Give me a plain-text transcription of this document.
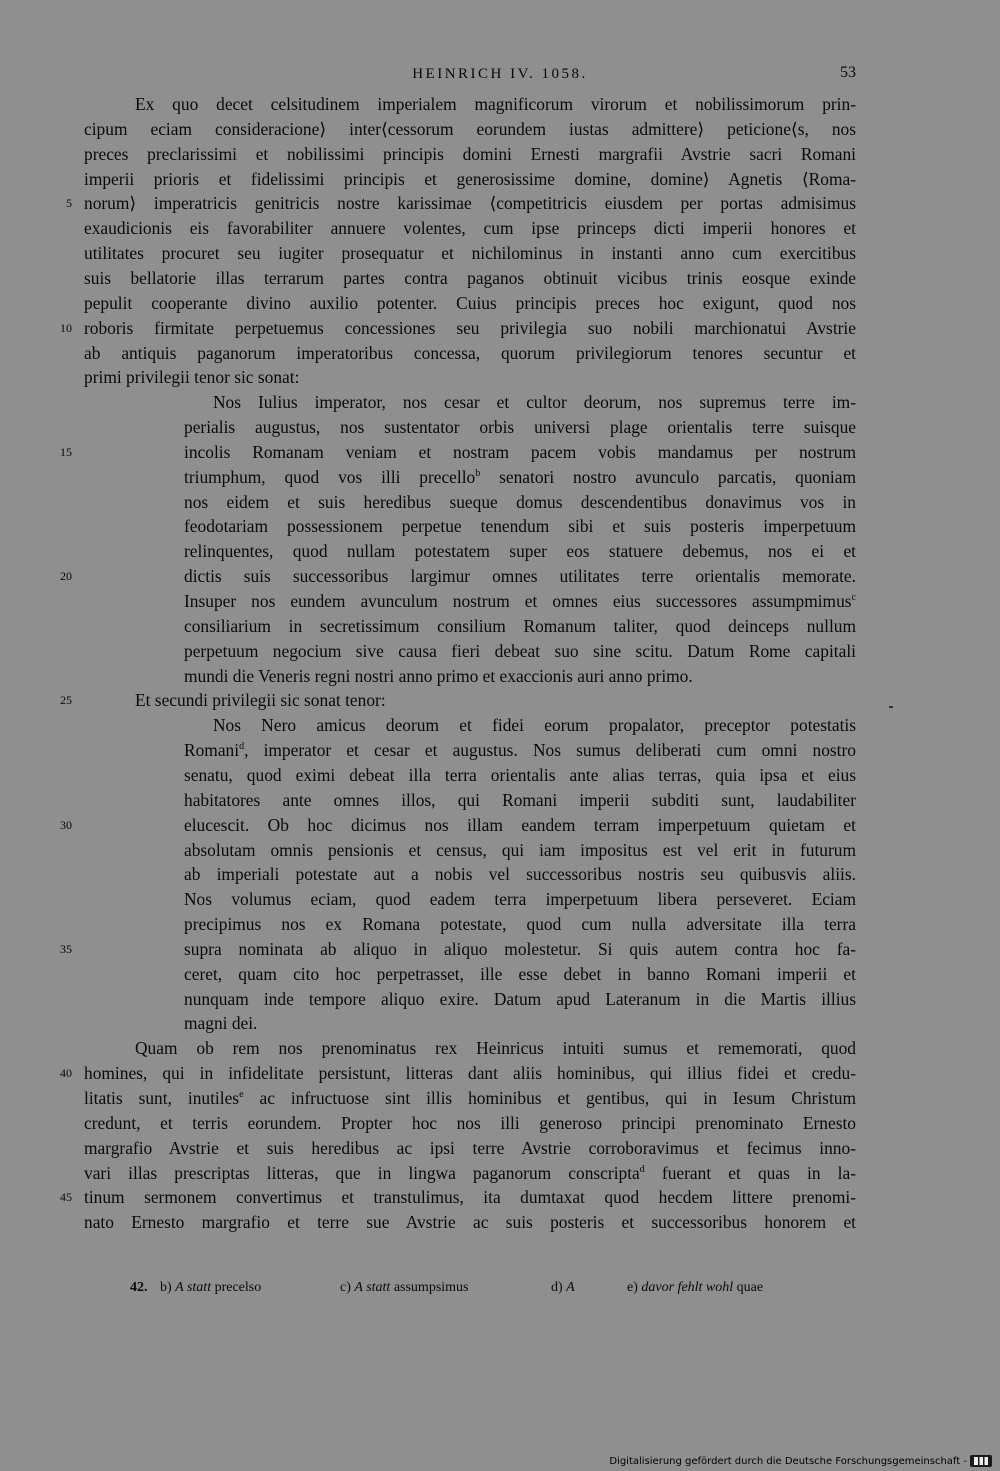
HEINRICH IV. 1058.	53
Ex quo decet celsitudinem imperialem magnificorum virorum et nobilissimorum prin-
cipum eciam consideracione⟩ inter⟨cessorum eorundem iustas admittere⟩ peticione⟨s, nos
preces preclarissimi et nobilissimi principis domini Ernesti margrafii Avstrie sacri Romani
imperii prioris et fidelissimi principis et generosissime domine, domine⟩ Agnetis ⟨Roma-
norum⟩ imperatricis genitricis nostre karissimae ⟨competitricis eiusdem per portas admisimus
exaudicionis eis favorabiliter annuere volentes, cum ipse princeps dicti imperii honores et
utilitates procuret seu iugiter prosequatur et nichilominus in instanti anno cum exercitibus
suis bellatorie illas terrarum partes contra paganos obtinuit vicibus trinis eosque exinde
pepulit cooperante divino auxilio potenter. Cuius principis preces hoc exigunt, quod nos
roboris firmitate perpetuemus concessiones seu privilegia suo nobili marchionatui Avstrie
ab antiquis paganorum imperatoribus concessa, quorum privilegiorum tenores secuntur et
primi privilegii tenor sic sonat:
Nos Iulius imperator, nos cesar et cultor deorum, nos supremus terre im-
perialis augustus, nos sustentator orbis universi plage orientalis terre suisque
incolis Romanam veniam et nostram pacem vobis mandamus per nostrum
triumphum, quod vos illi precello$^b$ senatori nostro avunculo parcatis, quoniam
nos eidem et suis heredibus sueque domus descendentibus donavimus vos in
feodotariam possessionem perpetue tenendum sibi et suis posteris imperpetuum
relinquentes, quod nullam potestatem super eos statuere debemus, nos ei et
dictis suis successoribus largimur omnes utilitates terre orientalis memorate.
Insuper nos eundem avunculum nostrum et omnes eius successores assumpmimus$^c$
consiliarium in secretissimum consilium Romanum taliter, quod deinceps nullum
perpetuum negocium sive causa fieri debeat suo sine scitu. Datum Rome capitali
mundi die Veneris regni nostri anno primo et exaccionis auri anno primo.
Et secundi privilegii sic sonat tenor:
Nos Nero amicus deorum et fidei eorum propalator, preceptor potestatis
Romani$^d$, imperator et cesar et augustus. Nos sumus deliberati cum omni nostro
senatu, quod eximi debeat illa terra orientalis ante alias terras, quia ipsa et eius
habitatores ante omnes illos, qui Romani imperii subditi sunt, laudabiliter
elucescit. Ob hoc dicimus nos illam eandem terram imperpetuum quietam et
absolutam omnis pensionis et census, qui iam impositus est vel erit in futurum
ab imperiali potestate aut a nobis vel successoribus nostris seu quibusvis aliis.
Nos volumus eciam, quod eadem terra imperpetuum libera perseveret. Eciam
precipimus nos ex Romana potestate, quod cum nulla adversitate illa terra
supra nominata ab aliquo in aliquo molestetur. Si quis autem contra hoc fa-
ceret, quam cito hoc perpetrasset, ille esse debet in banno Romani imperii et
nunquam inde tempore aliquo exire. Datum apud Lateranum in die Martis illius
magni dei.
Quam ob rem nos prenominatus rex Heinricus intuiti sumus et rememorati, quod
homines, qui in infidelitate persistunt, litteras dant aliis hominibus, qui illius fidei et credu-
litatis sunt, inutiles$^e$ ac infructuose sint illis hominibus et gentibus, qui in Iesum Christum
credunt, et terris eorundem. Propter hoc nos illi generoso principi prenominato Ernesto
margrafio Avstrie et suis heredibus ac ipsi terre Avstrie corroboravimus et fecimus inno-
vari illas prescriptas litteras, que in lingwa paganorum conscripta$^d$ fuerant et quas in la-
tinum sermonem convertimus et transtulimus, ita dumtaxat quod hecdem littere prenomi-
nato Ernesto margrafio et terre sue Avstrie ac suis posteris et successoribus honorem et
5
10
15
20
25
30
35
40
45
42. b) A statt precelso	c) A statt assumpsimus	d) A	e) davor fehlt wohl quae
Digitalisierung gefördert durch die Deutsche Forschungsgemeinschaft -
